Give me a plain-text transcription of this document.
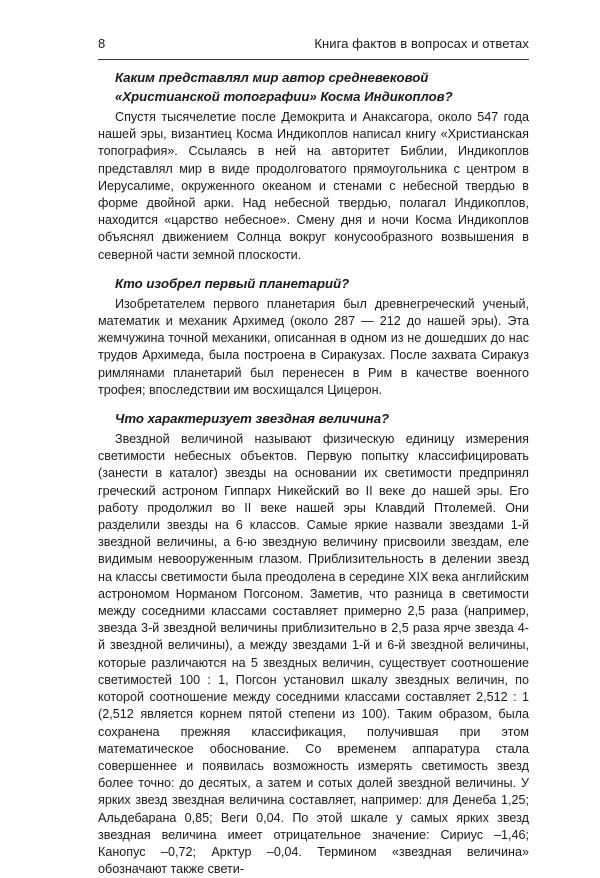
8	Книга фактов в вопросах и ответах

Каким представлял мир автор средневековой «Христианской топографии» Косма Индикоплов?

Спустя тысячелетие после Демокрита и Анаксагора, около 547 года нашей эры, византиец Косма Индикоплов написал книгу «Христианская топография». Ссылаясь в ней на авторитет Библии, Индикоплов представлял мир в виде продолговатого прямоугольника с центром в Иерусалиме, окруженного океаном и стенами с небесной твердью в форме двойной арки. Над небесной твердью, полагал Индикоплов, находится «царство небесное». Смену дня и ночи Косма Индикоплов объяснял движением Солнца вокруг конусообразного возвышения в северной части земной плоскости.

Кто изобрел первый планетарий?

Изобретателем первого планетария был древнегреческий ученый, математик и механик Архимед (около 287 — 212 до нашей эры). Эта жемчужина точной механики, описанная в одном из не дошедших до нас трудов Архимеда, была построена в Сиракузах. После захвата Сиракуз римлянами планетарий был перенесен в Рим в качестве военного трофея; впоследствии им восхищался Цицерон.

Что характеризует звездная величина?

Звездной величиной называют физическую единицу измерения светимости небесных объектов. Первую попытку классифицировать (занести в каталог) звезды на основании их светимости предпринял греческий астроном Гиппарх Никейский во II веке до нашей эры. Его работу продолжил во II веке нашей эры Клавдий Птолемей. Они разделили звезды на 6 классов. Самые яркие назвали звездами 1-й звездной величины, а 6-ю звездную величину присвоили звездам, еле видимым невооруженным глазом. Приблизительность в делении звезд на классы светимости была преодолена в середине XIX века английским астрономом Норманом Погсоном. Заметив, что разница в светимости между соседними классами составляет примерно 2,5 раза (например, звезда 3-й звездной величины приблизительно в 2,5 раза ярче звезда 4-й звездной величины), а между звездами 1-й и 6-й звездной величины, которые различаются на 5 звездных величин, существует соотношение светимостей 100 : 1, Погсон установил шкалу звездных величин, по которой соотношение между соседними классами составляет 2,512 : 1 (2,512 является корнем пятой степени из 100). Таким образом, была сохранена прежняя классификация, получившая при этом математическое обоснование. Со временем аппаратура стала совершеннее и появилась возможность измерять светимость звезд более точно: до десятых, а затем и сотых долей звездной величины. У ярких звезд звездная величина составляет, например: для Денеба 1,25; Альдебарана 0,85; Веги 0,04. По этой шкале у самых ярких звезд звездная величина имеет отрицательное значение: Сириус –1,46; Канопус –0,72; Арктур –0,04. Термином «звездная величина» обозначают также свети-
